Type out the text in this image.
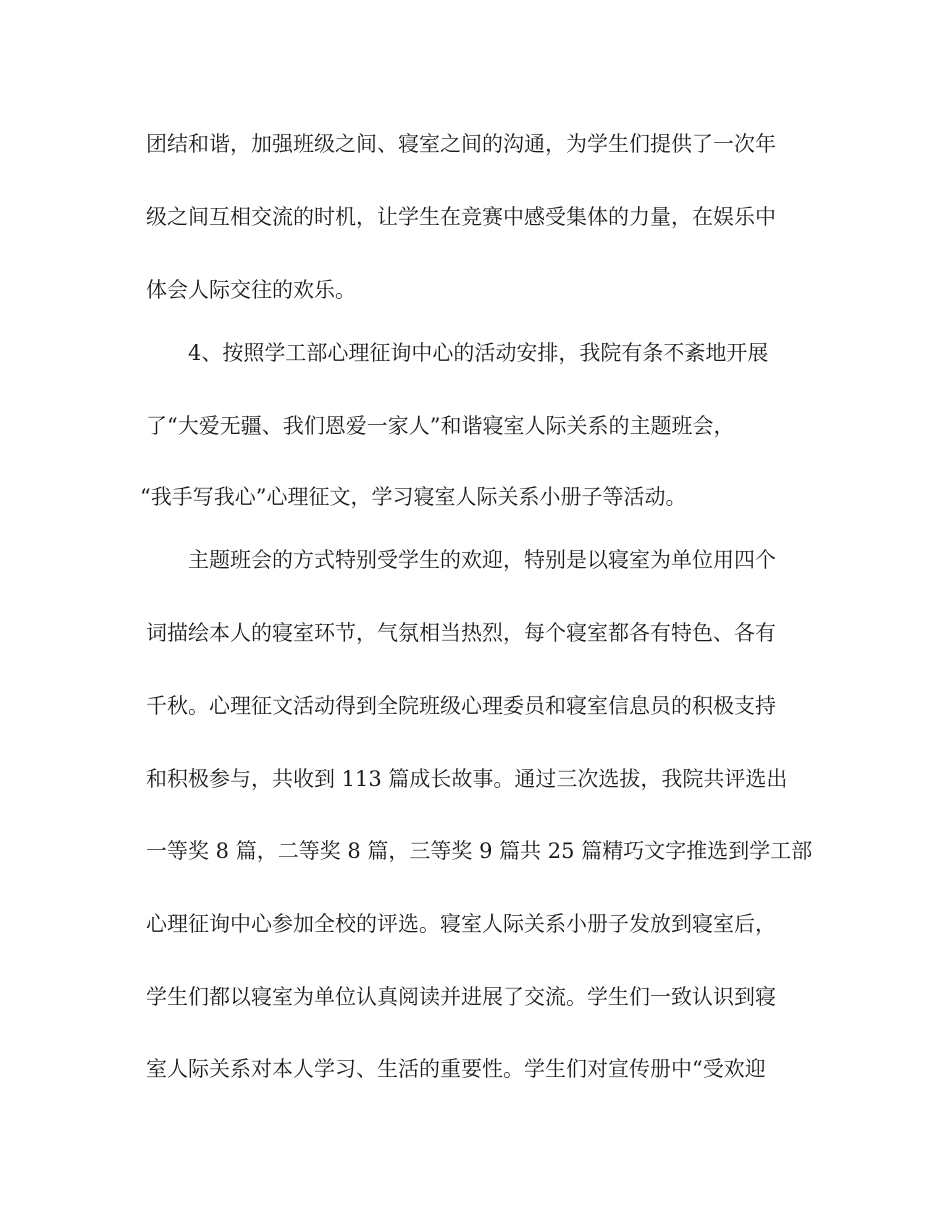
团结和谐，加强班级之间、寝室之间的沟通，为学生们提供了一次年
级之间互相交流的时机，让学生在竞赛中感受集体的力量，在娱乐中
体会人际交往的欢乐。
4、按照学工部心理征询中心的活动安排，我院有条不紊地开展
了“大爱无疆、我们恩爱一家人”和谐寝室人际关系的主题班会，
“我手写我心”心理征文，学习寝室人际关系小册子等活动。
主题班会的方式特别受学生的欢迎，特别是以寝室为单位用四个
词描绘本人的寝室环节，气氛相当热烈，每个寝室都各有特色、各有
千秋。心理征文活动得到全院班级心理委员和寝室信息员的积极支持
和积极参与，共收到 113 篇成长故事。通过三次选拔，我院共评选出
一等奖 8 篇，二等奖 8 篇，三等奖 9 篇共 25 篇精巧文字推选到学工部
心理征询中心参加全校的评选。寝室人际关系小册子发放到寝室后，
学生们都以寝室为单位认真阅读并进展了交流。学生们一致认识到寝
室人际关系对本人学习、生活的重要性。学生们对宣传册中“受欢迎
